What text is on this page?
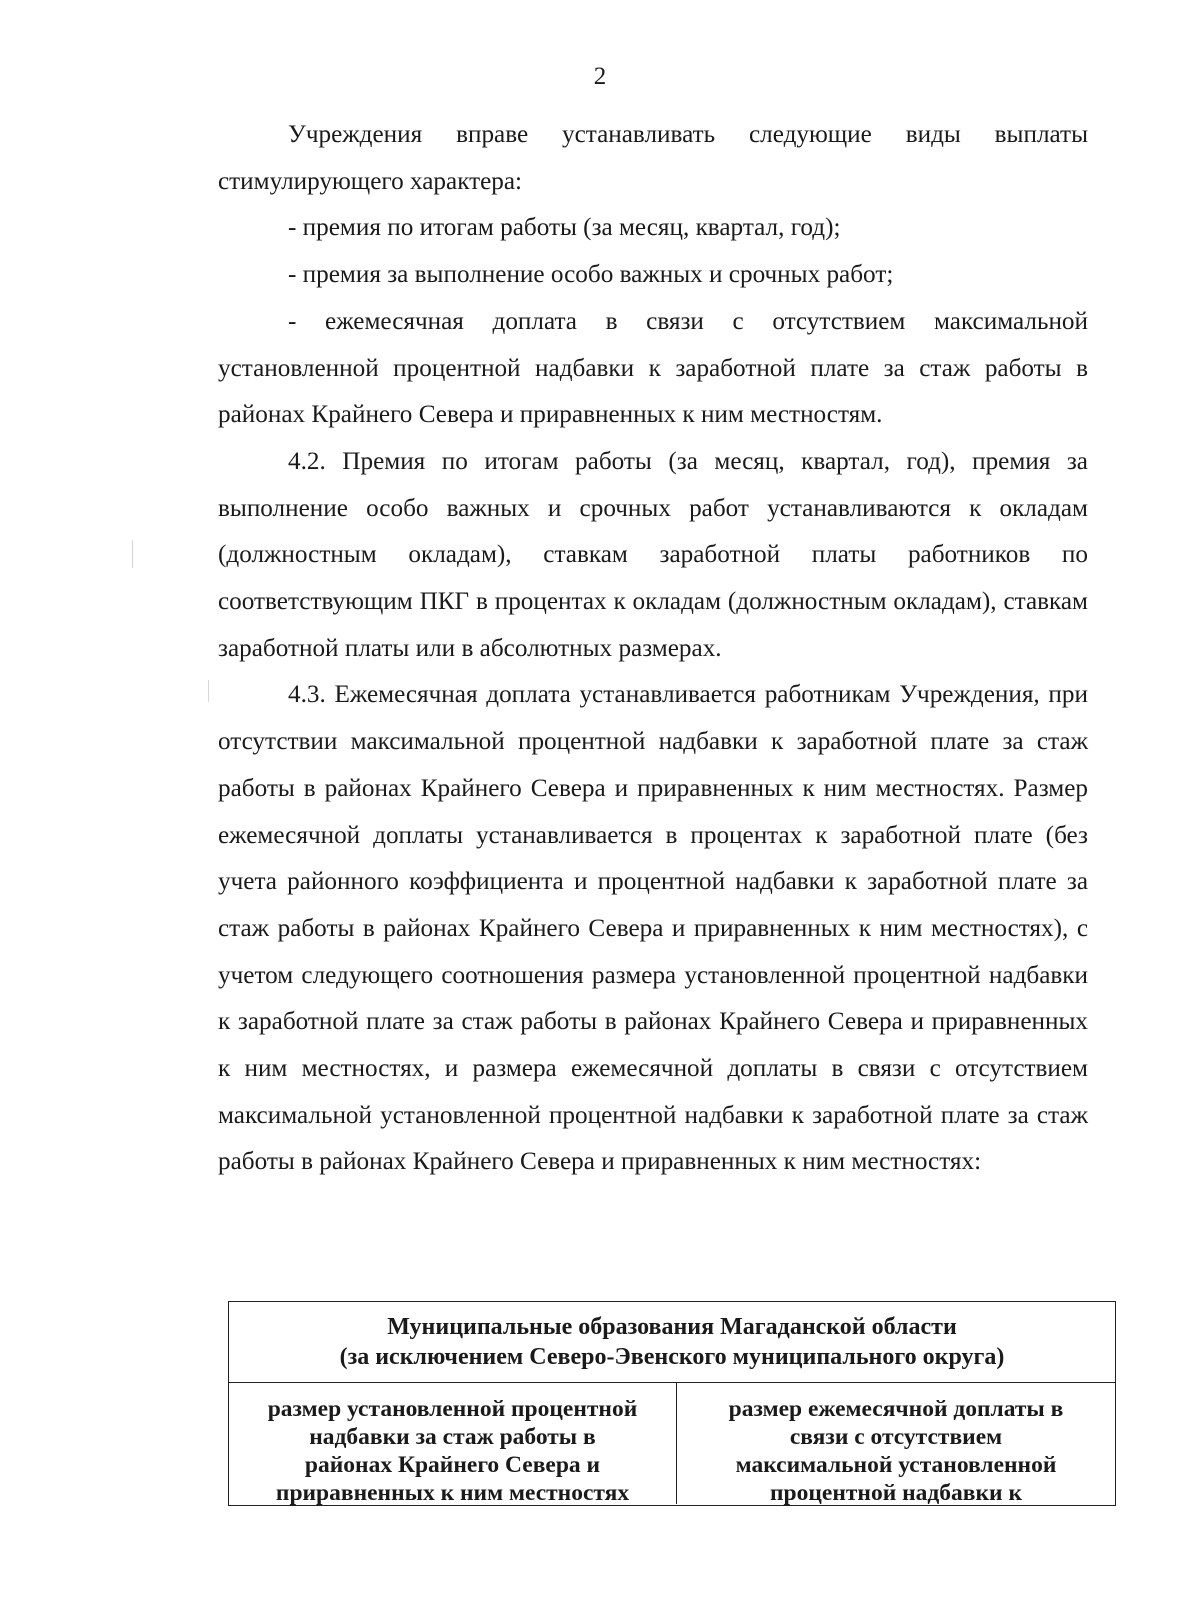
2

Учреждения вправе устанавливать следующие виды выплаты стимулирующего характера:

- премия по итогам работы (за месяц, квартал, год);

- премия за выполнение особо важных и срочных работ;

- ежемесячная доплата в связи с отсутствием максимальной установленной процентной надбавки к заработной плате за стаж работы в районах Крайнего Севера и приравненных к ним местностям.

4.2. Премия по итогам работы (за месяц, квартал, год), премия за выполнение особо важных и срочных работ устанавливаются к окладам (должностным окладам), ставкам заработной платы работников по соответствующим ПКГ в процентах к окладам (должностным окладам), ставкам заработной платы или в абсолютных размерах.

4.3. Ежемесячная доплата устанавливается работникам Учреждения, при отсутствии максимальной процентной надбавки к заработной плате за стаж работы в районах Крайнего Севера и приравненных к ним местностях. Размер ежемесячной доплаты устанавливается в процентах к заработной плате (без учета районного коэффициента и процентной надбавки к заработной плате за стаж работы в районах Крайнего Севера и приравненных к ним местностях), с учетом следующего соотношения размера установленной процентной надбавки к заработной плате за стаж работы в районах Крайнего Севера и приравненных к ним местностях, и размера ежемесячной доплаты в связи с отсутствием максимальной установленной процентной надбавки к заработной плате за стаж работы в районах Крайнего Севера и приравненных к ним местностях:

Муниципальные образования Магаданской области
(за исключением Северо-Эвенского муниципального округа)
размер установленной процентной
надбавки за стаж работы в
районах Крайнего Севера и
приравненных к ним местностях
размер ежемесячной доплаты в
связи с отсутствием
максимальной установленной
процентной надбавки к
